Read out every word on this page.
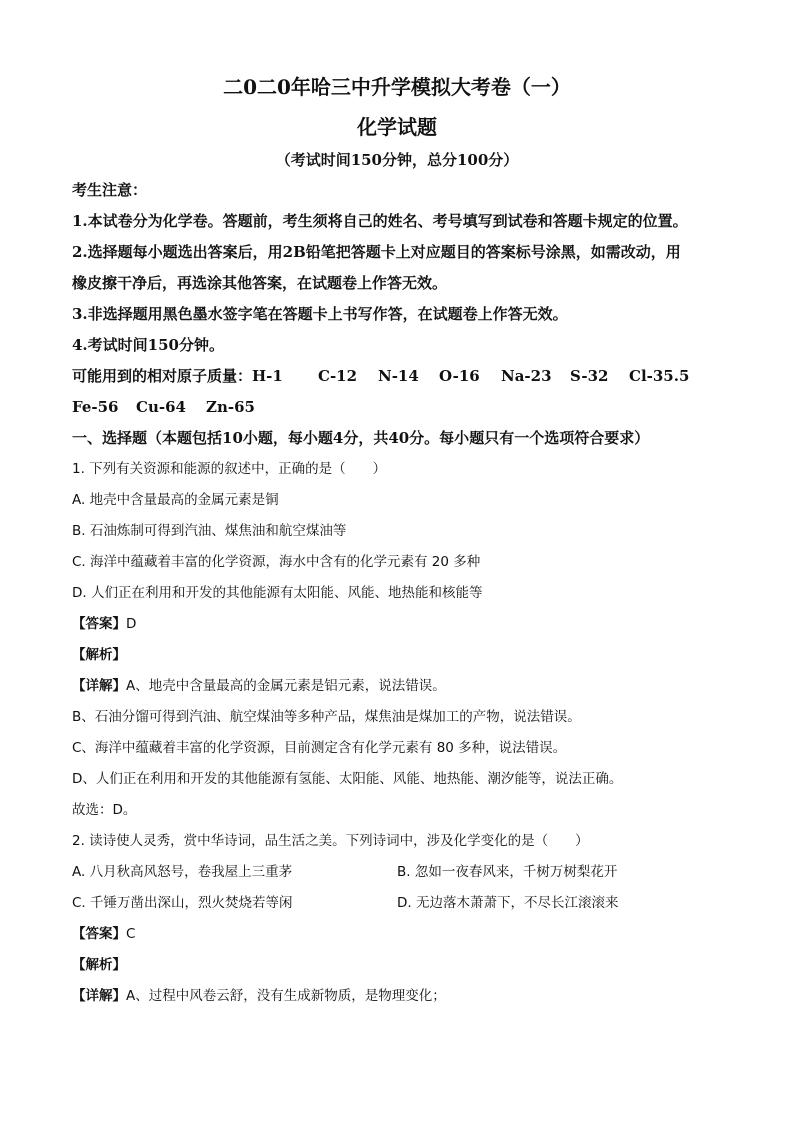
二0二0年哈三中升学模拟大考卷（一）
化学试题
（考试时间150分钟，总分100分）
考生注意：
1.本试卷分为化学卷。答题前，考生须将自己的姓名、考号填写到试卷和答题卡规定的位置。
2.选择题每小题选出答案后，用2B铅笔把答题卡上对应题目的答案标号涂黑，如需改动，用
橡皮擦干净后，再选涂其他答案，在试题卷上作答无效。
3.非选择题用黑色墨水签字笔在答题卡上书写作答，在试题卷上作答无效。
4.考试时间150分钟。
可能用到的相对原子质量：H-1	C-12	N-14	O-16	Na-23	S-32	Cl-35.5
Fe-56	Cu-64	Zn-65
一、选择题（本题包括10小题，每小题4分，共40分。每小题只有一个选项符合要求）
1. 下列有关资源和能源的叙述中，正确的是（　　）
A. 地壳中含量最高的金属元素是铜
B. 石油炼制可得到汽油、煤焦油和航空煤油等
C. 海洋中蕴藏着丰富的化学资源，海水中含有的化学元素有 20 多种
D. 人们正在利用和开发的其他能源有太阳能、风能、地热能和核能等
【答案】D
【解析】
【详解】A、地壳中含量最高的金属元素是铝元素，说法错误。
B、石油分馏可得到汽油、航空煤油等多种产品，煤焦油是煤加工的产物，说法错误。
C、海洋中蕴藏着丰富的化学资源，目前测定含有化学元素有 80 多种，说法错误。
D、人们正在利用和开发的其他能源有氢能、太阳能、风能、地热能、潮汐能等，说法正确。
故选：D。
2. 读诗使人灵秀，赏中华诗词，品生活之美。下列诗词中，涉及化学变化的是（　　）
A. 八月秋高风怒号，卷我屋上三重茅	B. 忽如一夜春风来，千树万树梨花开
C. 千锤万凿出深山，烈火焚烧若等闲	D. 无边落木萧萧下，不尽长江滚滚来
【答案】C
【解析】
【详解】A、过程中风卷云舒，没有生成新物质，是物理变化；
